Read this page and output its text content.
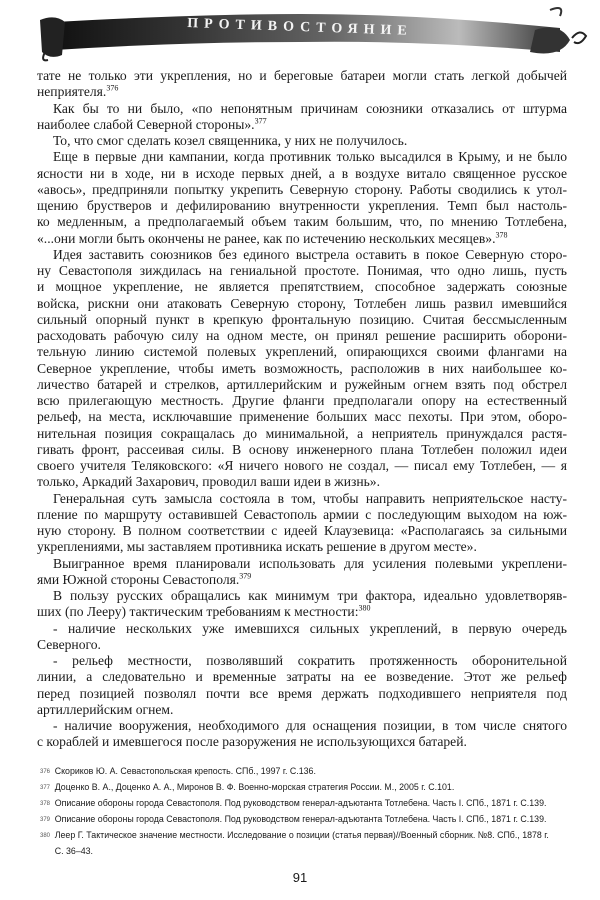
ПРОТИВОСТОЯНИЕ
тате не только эти укрепления, но и береговые батареи могли стать легкой добычей
неприятеля.$^{376}$
Как бы то ни было, «по непонятным причинам союзники отказались от штурма
наиболее слабой Северной стороны».$^{377}$
То, что смог сделать козел священника, у них не получилось.
Еще в первые дни кампании, когда противник только высадился в Крыму, и не было
ясности ни в ходе, ни в исходе первых дней, а в воздухе витало священное русское
«авось», предприняли попытку укрепить Северную сторону. Работы сводились к утол-
щению брустверов и дефилированию внутренности укрепления. Темп был настоль-
ко медленным, а предполагаемый объем таким большим, что, по мнению Тотлебена,
«...они могли быть окончены не ранее, как по истечению нескольких месяцев».$^{378}$
Идея заставить союзников без единого выстрела оставить в покое Северную сторо-
ну Севастополя зиждилась на гениальной простоте. Понимая, что одно лишь, пусть
и мощное укрепление, не является препятствием, способное задержать союзные
войска, рискни они атаковать Северную сторону, Тотлебен лишь развил имевшийся
сильный опорный пункт в крепкую фронтальную позицию. Считая бессмысленным
расходовать рабочую силу на одном месте, он принял решение расширить оборони-
тельную линию системой полевых укреплений, опирающихся своими флангами на
Северное укрепление, чтобы иметь возможность, расположив в них наибольшее ко-
личество батарей и стрелков, артиллерийским и ружейным огнем взять под обстрел
всю прилегающую местность. Другие фланги предполагали опору на естественный
рельеф, на места, исключавшие применение больших масс пехоты. При этом, оборо-
нительная позиция сокращалась до минимальной, а неприятель принуждался растя-
гивать фронт, рассеивая силы. В основу инженерного плана Тотлебен положил идеи
своего учителя Теляковского: «Я ничего нового не создал, — писал ему Тотлебен, — я
только, Аркадий Захарович, проводил ваши идеи в жизнь».
Генеральная суть замысла состояла в том, чтобы направить неприятельское насту-
пление по маршруту оставившей Севастополь армии с последующим выходом на юж-
ную сторону. В полном соответствии с идеей Клаузевица: «Располагаясь за сильными
укреплениями, мы заставляем противника искать решение в другом месте».
Выигранное время планировали использовать для усиления полевыми укреплени-
ями Южной стороны Севастополя.$^{379}$
В пользу русских обращались как минимум три фактора, идеально удовлетворяв-
ших (по Лееру) тактическим требованиям к местности:$^{380}$
- наличие нескольких уже имевшихся сильных укреплений, в первую очередь
Северного.
- рельеф местности, позволявший сократить протяженность оборонительной
линии, а следовательно и временные затраты на ее возведение. Этот же рельеф
перед позицией позволял почти все время держать подходившего неприятеля под
артиллерийским огнем.
- наличие вооружения, необходимого для оснащения позиции, в том числе снятого
с кораблей и имевшегося после разоружения не использующихся батарей.
376 Скориков Ю. А. Севастопольская крепость. СПб., 1997 г. С.136.
377 Доценко В. А., Доценко А. А., Миронов В. Ф. Военно-морская стратегия России. М., 2005 г. С.101.
378 Описание обороны города Севастополя. Под руководством генерал-адъютанта Тотлебена. Часть I. СПб., 1871 г. С.139.
379 Описание обороны города Севастополя. Под руководством генерал-адъютанта Тотлебена. Часть I. СПб., 1871 г. С.139.
380 Леер Г. Тактическое значение местности. Исследование о позиции (статья первая)//Военный сборник. №8. СПб., 1878 г.
С. 36–43.
91
